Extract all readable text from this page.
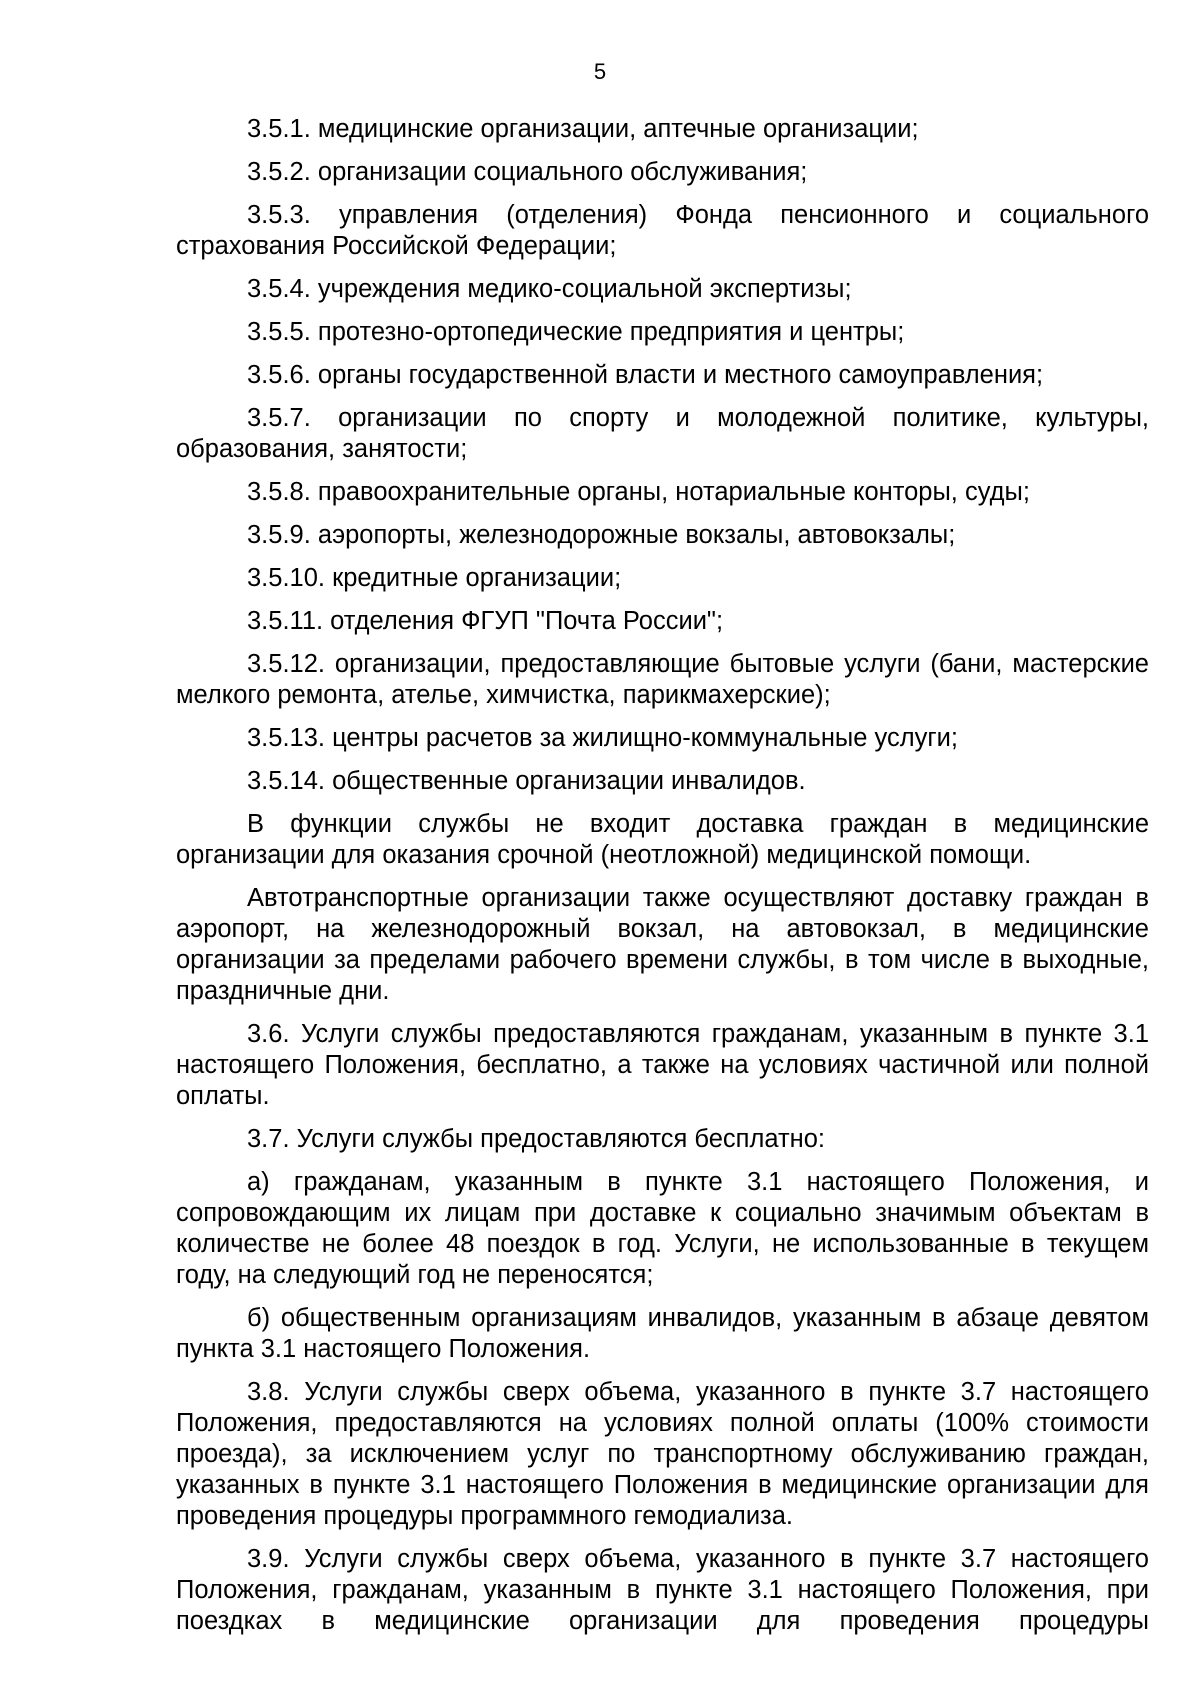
5

3.5.1. медицинские организации, аптечные организации;

3.5.2. организации социального обслуживания;

3.5.3. управления (отделения) Фонда пенсионного и социального страхования Российской Федерации;

3.5.4. учреждения медико-социальной экспертизы;

3.5.5. протезно-ортопедические предприятия и центры;

3.5.6. органы государственной власти и местного самоуправления;

3.5.7. организации по спорту и молодежной политике, культуры, образования, занятости;

3.5.8. правоохранительные органы, нотариальные конторы, суды;

3.5.9. аэропорты, железнодорожные вокзалы, автовокзалы;

3.5.10. кредитные организации;

3.5.11. отделения ФГУП "Почта России";

3.5.12. организации, предоставляющие бытовые услуги (бани, мастерские мелкого ремонта, ателье, химчистка, парикмахерские);

3.5.13. центры расчетов за жилищно-коммунальные услуги;

3.5.14. общественные организации инвалидов.

В функции службы не входит доставка граждан в медицинские организации для оказания срочной (неотложной) медицинской помощи.

Автотранспортные организации также осуществляют доставку граждан в аэропорт, на железнодорожный вокзал, на автовокзал, в медицинские организации за пределами рабочего времени службы, в том числе в выходные, праздничные дни.

3.6. Услуги службы предоставляются гражданам, указанным в пункте 3.1 настоящего Положения, бесплатно, а также на условиях частичной или полной оплаты.

3.7. Услуги службы предоставляются бесплатно:

а) гражданам, указанным в пункте 3.1 настоящего Положения, и сопровождающим их лицам при доставке к социально значимым объектам в количестве не более 48 поездок в год. Услуги, не использованные в текущем году, на следующий год не переносятся;

б) общественным организациям инвалидов, указанным в абзаце девятом пункта 3.1 настоящего Положения.

3.8. Услуги службы сверх объема, указанного в пункте 3.7 настоящего Положения, предоставляются на условиях полной оплаты (100% стоимости проезда), за исключением услуг по транспортному обслуживанию граждан, указанных в пункте 3.1 настоящего Положения в медицинские организации для проведения процедуры программного гемодиализа.

3.9. Услуги службы сверх объема, указанного в пункте 3.7 настоящего Положения, гражданам, указанным в пункте 3.1 настоящего Положения, при поездках в медицинские организации для проведения процедуры
